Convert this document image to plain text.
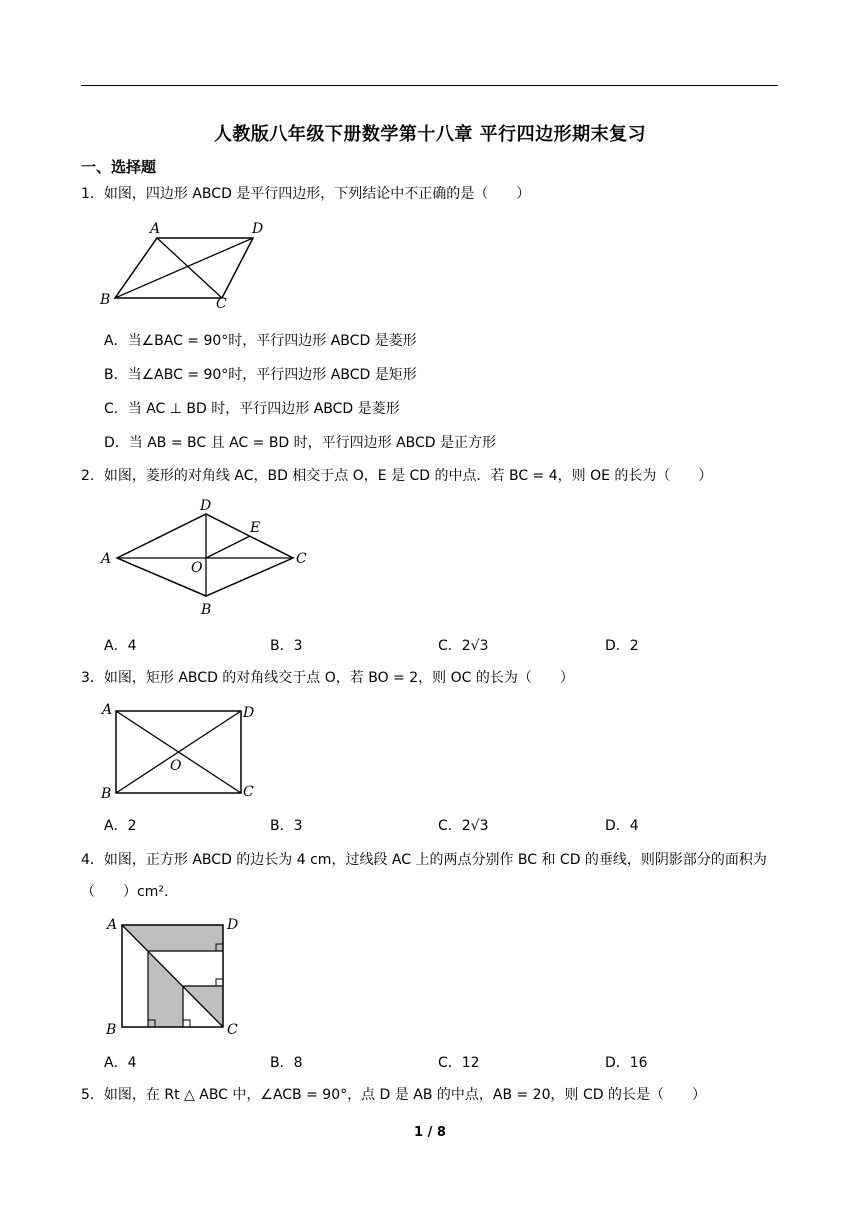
人教版八年级下册数学第十八章 平行四边形期末复习
一、选择题
1．如图，四边形 ABCD 是平行四边形，下列结论中不正确的是（　　）
A	D
B	C
A．当∠BAC = 90°时，平行四边形 ABCD 是菱形
B．当∠ABC = 90°时，平行四边形 ABCD 是矩形
C．当 AC ⊥ BD 时，平行四边形 ABCD 是菱形
D．当 AB = BC 且 AC = BD 时，平行四边形 ABCD 是正方形
2．如图，菱形的对角线 AC，BD 相交于点 O，E 是 CD 的中点．若 BC = 4，则 OE 的长为（　　）
A
D
E
C
O
B
A．4	B．3	C．2√3	D．2
3．如图，矩形 ABCD 的对角线交于点 O，若 BO = 2，则 OC 的长为（　　）
A	D
O
B	C
A．2	B．3	C．2√3	D．4
4．如图，正方形 ABCD 的边长为 4 cm，过线段 AC 上的两点分别作 BC 和 CD 的垂线，则阴影部分的面积为（　　）cm².
A	D
B	C
A．4	B．8	C．12	D．16
5．如图，在 Rt △ ABC 中，∠ACB = 90°，点 D 是 AB 的中点，AB = 20，则 CD 的长是（　　）
1 / 8
